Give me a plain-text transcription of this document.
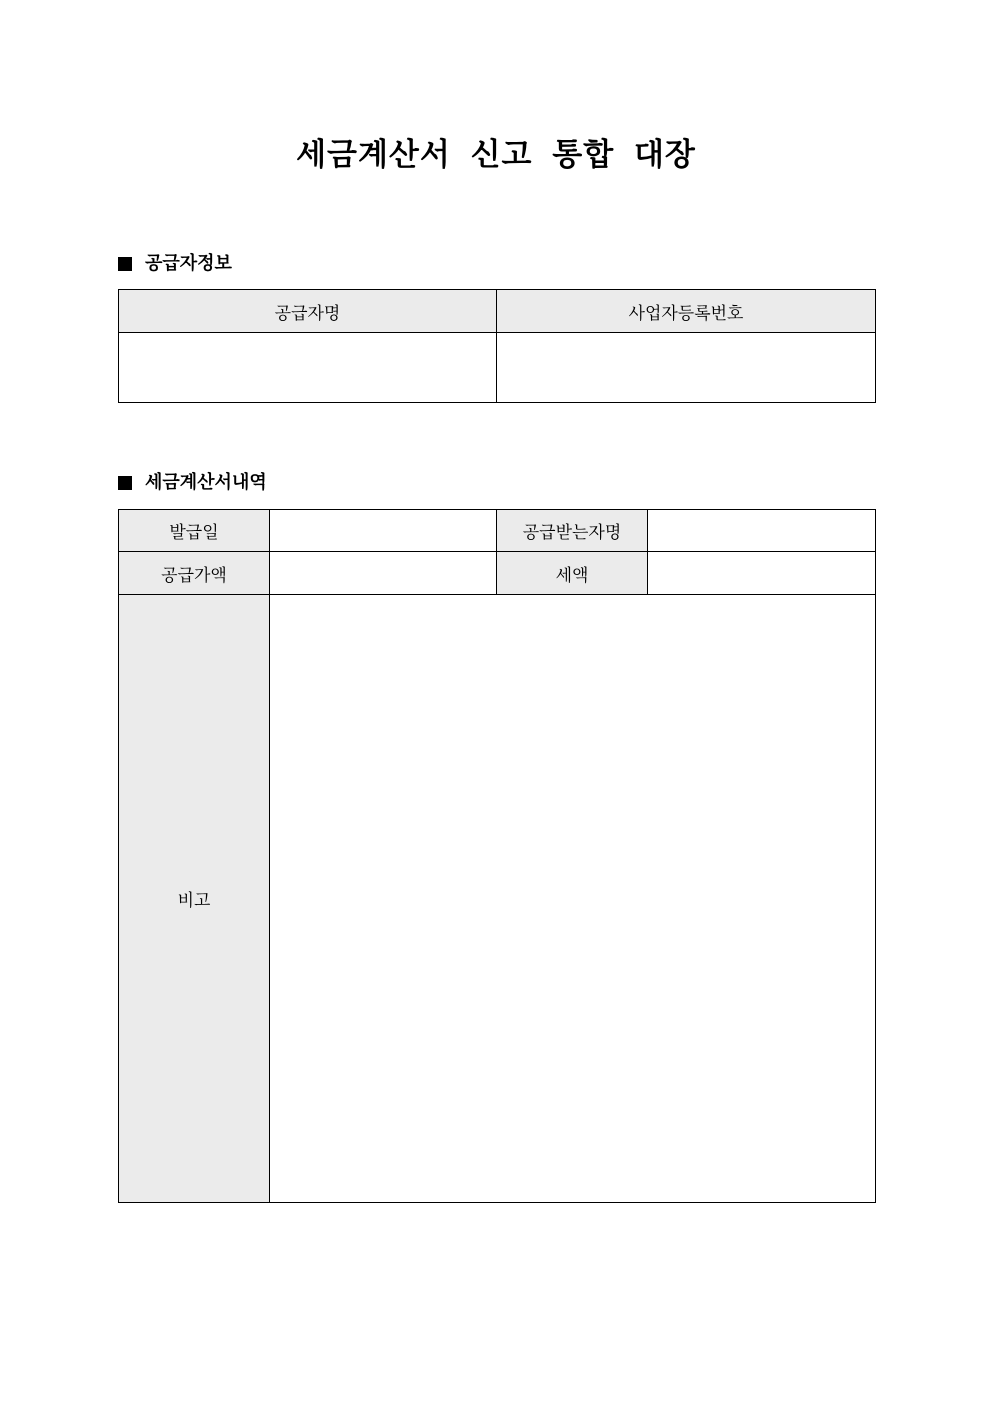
세금계산서 신고 통합 대장
공급자정보
공급자명	사업자등록번호

세금계산서내역
발급일		공급받는자명	
공급가액		세액	
비고			
